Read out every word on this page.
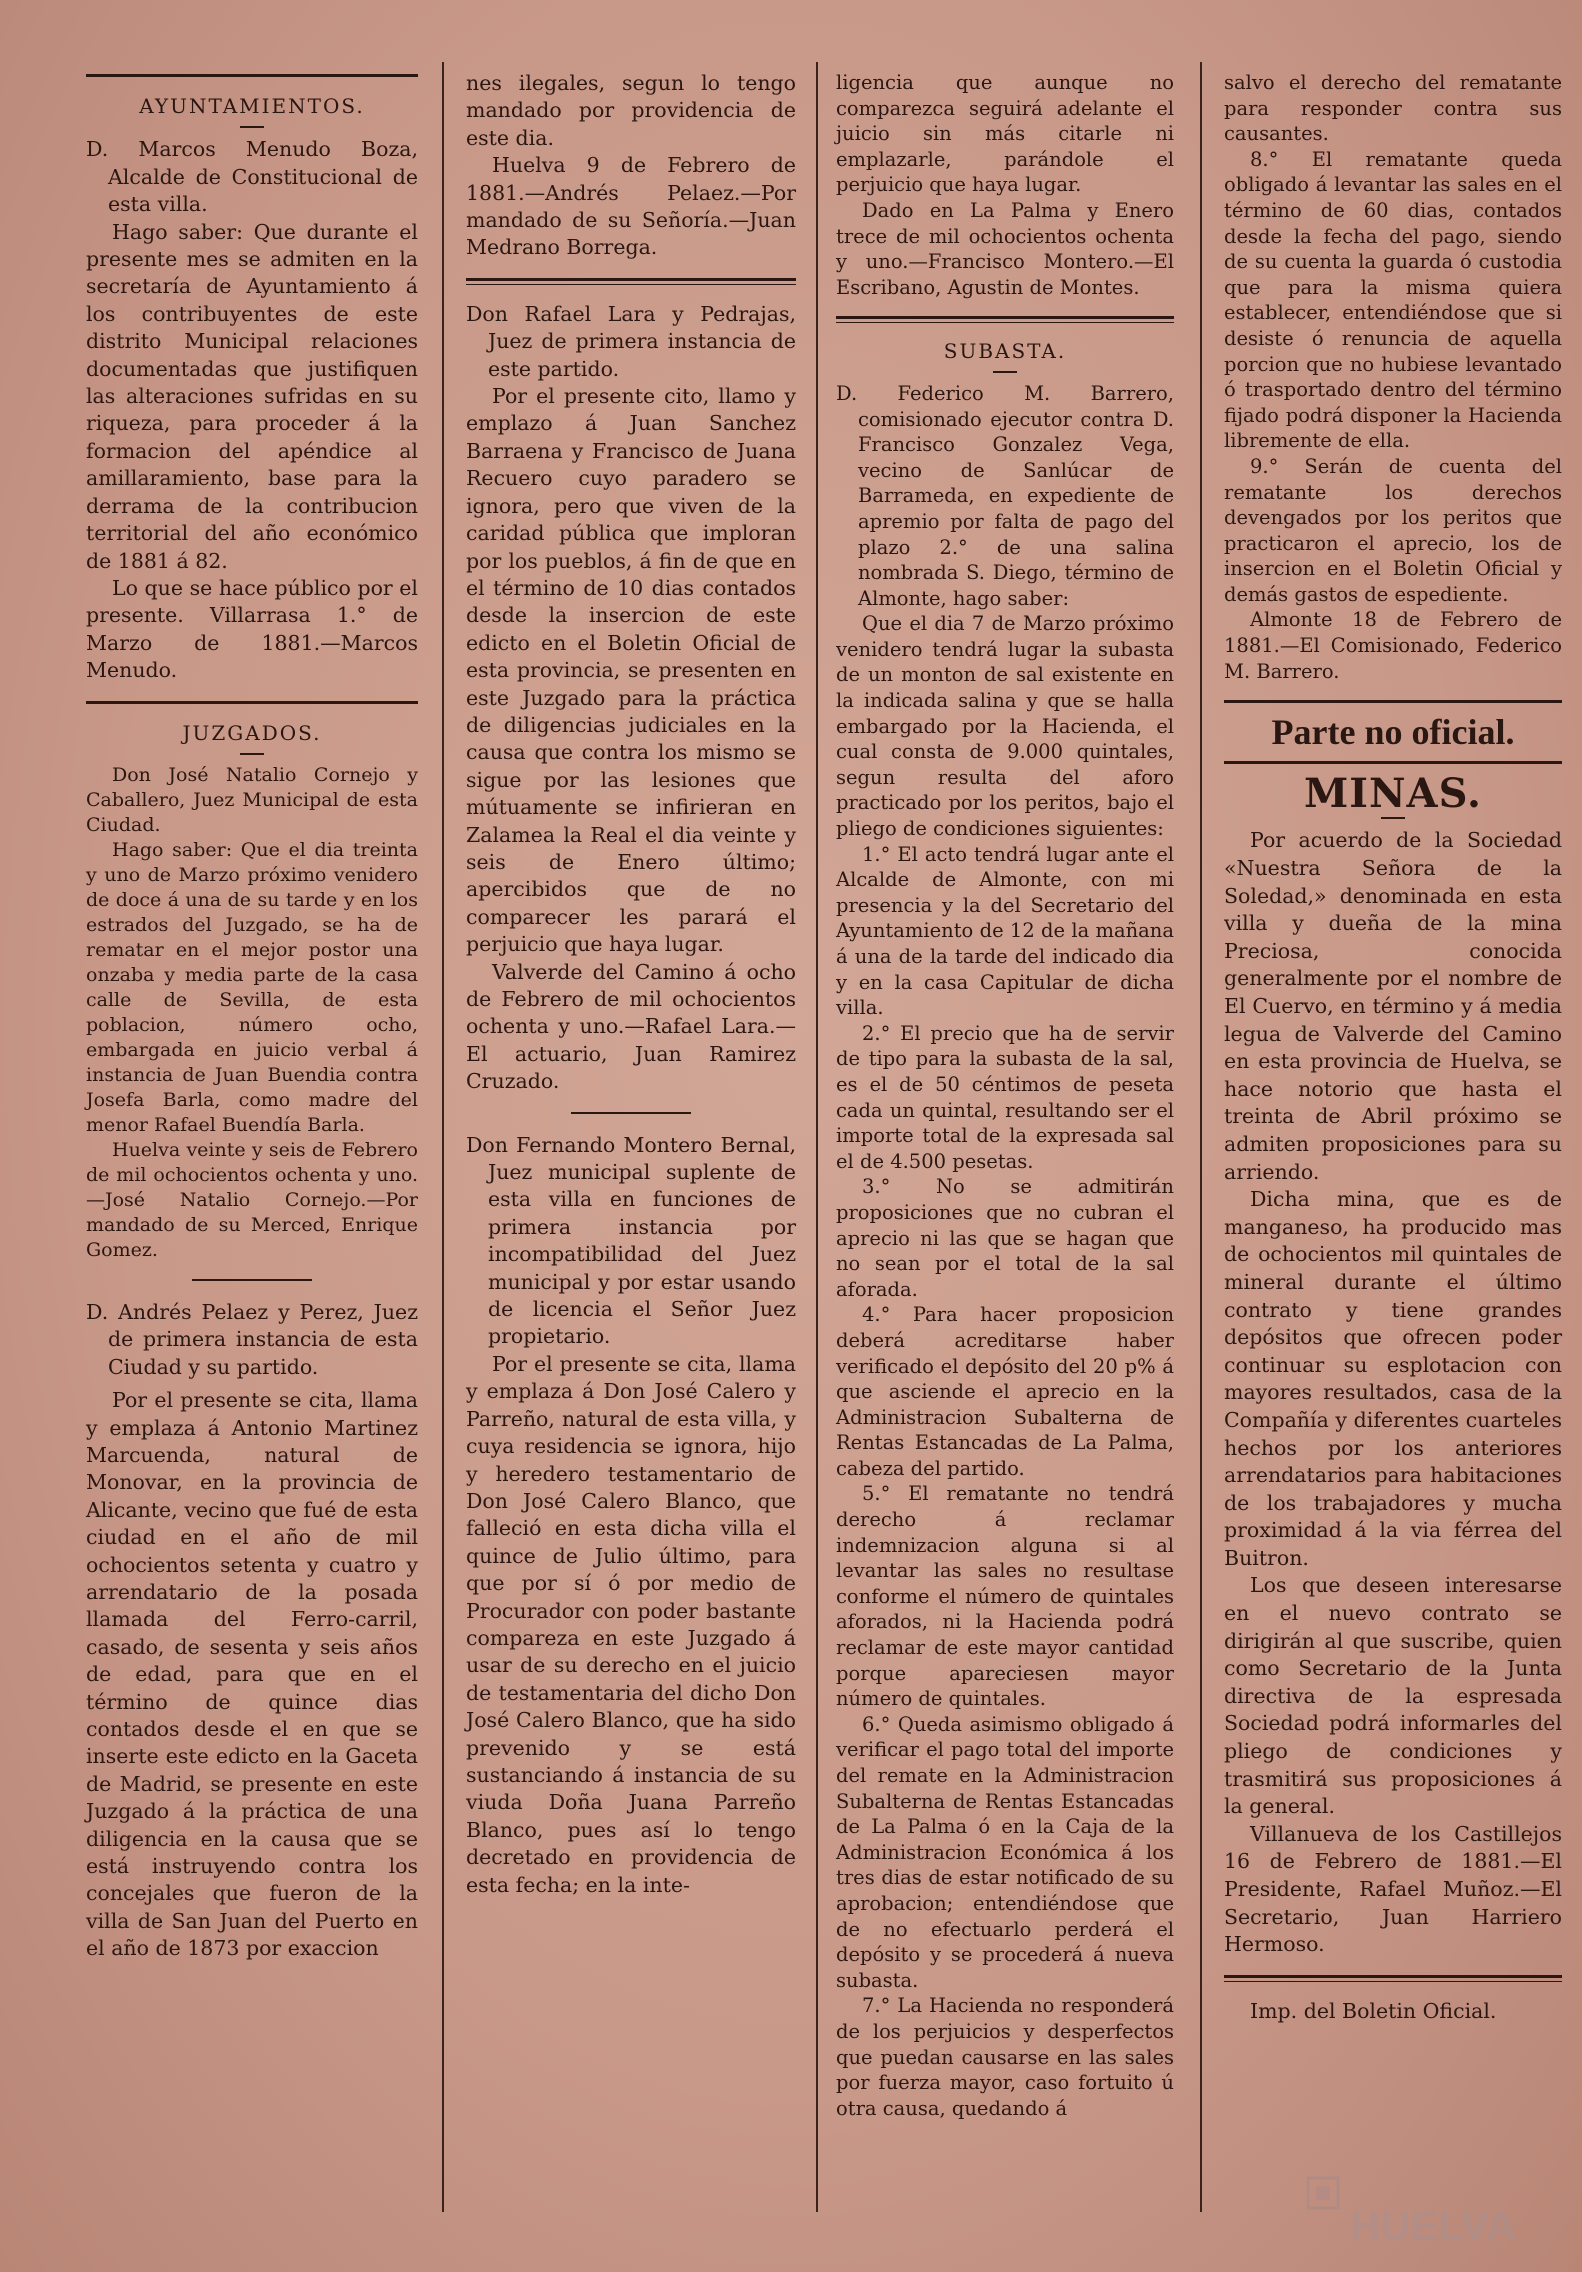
AYUNTAMIENTOS.

D. Marcos Menudo Boza, Alcalde de Constitucional de esta villa.

Hago saber: Que durante el presente mes se admiten en la secretaría de Ayuntamiento á los contribuyentes de este distrito Municipal relaciones documentadas que justifiquen las alteraciones sufridas en su riqueza, para proceder á la formacion del apéndice al amillaramiento, base para la derrama de la contribucion territorial del año económico de 1881 á 82.

Lo que se hace público por el presente. Villarrasa 1.° de Marzo de 1881.—Marcos Menudo.

JUZGADOS.

Don José Natalio Cornejo y Caballero, Juez Municipal de esta Ciudad.

Hago saber: Que el dia treinta y uno de Marzo próximo venidero de doce á una de su tarde y en los estrados del Juzgado, se ha de rematar en el mejor postor una onzaba y media parte de la casa calle de Sevilla, de esta poblacion, número ocho, embargada en juicio verbal á instancia de Juan Buendia contra Josefa Barla, como madre del menor Rafael Buendía Barla.

Huelva veinte y seis de Febrero de mil ochocientos ochenta y uno.—José Natalio Cornejo.—Por mandado de su Merced, Enrique Gomez.

D. Andrés Pelaez y Perez, Juez de primera instancia de esta Ciudad y su partido.

Por el presente se cita, llama y emplaza á Antonio Martinez Marcuenda, natural de Monovar, en la provincia de Alicante, vecino que fué de esta ciudad en el año de mil ochocientos setenta y cuatro y arrendatario de la posada llamada del Ferro-carril, casado, de sesenta y seis años de edad, para que en el término de quince dias contados desde el en que se inserte este edicto en la Gaceta de Madrid, se presente en este Juzgado á la práctica de una diligencia en la causa que se está instruyendo contra los concejales que fueron de la villa de San Juan del Puerto en el año de 1873 por exaccion

nes ilegales, segun lo tengo mandado por providencia de este dia.

Huelva 9 de Febrero de 1881.—Andrés Pelaez.—Por mandado de su Señoría.—Juan Medrano Borrega.

Don Rafael Lara y Pedrajas, Juez de primera instancia de este partido.

Por el presente cito, llamo y emplazo á Juan Sanchez Barraena y Francisco de Juana Recuero cuyo paradero se ignora, pero que viven de la caridad pública que imploran por los pueblos, á fin de que en el término de 10 dias contados desde la insercion de este edicto en el Boletin Oficial de esta provincia, se presenten en este Juzgado para la práctica de diligencias judiciales en la causa que contra los mismo se sigue por las lesiones que mútuamente se infirieran en Zalamea la Real el dia veinte y seis de Enero último; apercibidos que de no comparecer les parará el perjuicio que haya lugar.

Valverde del Camino á ocho de Febrero de mil ochocientos ochenta y uno.—Rafael Lara.—El actuario, Juan Ramirez Cruzado.

Don Fernando Montero Bernal, Juez municipal suplente de esta villa en funciones de primera instancia por incompatibilidad del Juez municipal y por estar usando de licencia el Señor Juez propietario.

Por el presente se cita, llama y emplaza á Don José Calero y Parreño, natural de esta villa, y cuya residencia se ignora, hijo y heredero testamentario de Don José Calero Blanco, que falleció en esta dicha villa el quince de Julio último, para que por sí ó por medio de Procurador con poder bastante compareza en este Juzgado á usar de su derecho en el juicio de testamentaria del dicho Don José Calero Blanco, que ha sido prevenido y se está sustanciando á instancia de su viuda Doña Juana Parreño Blanco, pues así lo tengo decretado en providencia de esta fecha; en la inte-

ligencia que aunque no comparezca seguirá adelante el juicio sin más citarle ni emplazarle, parándole el perjuicio que haya lugar.

Dado en La Palma y Enero trece de mil ochocientos ochenta y uno.—Francisco Montero.—El Escribano, Agustin de Montes.

SUBASTA.

D. Federico M. Barrero, comisionado ejecutor contra D. Francisco Gonzalez Vega, vecino de Sanlúcar de Barrameda, en expediente de apremio por falta de pago del plazo 2.° de una salina nombrada S. Diego, término de Almonte, hago saber:

Que el dia 7 de Marzo próximo venidero tendrá lugar la subasta de un monton de sal existente en la indicada salina y que se halla embargado por la Hacienda, el cual consta de 9.000 quintales, segun resulta del aforo practicado por los peritos, bajo el pliego de condiciones siguientes:

1.° El acto tendrá lugar ante el Alcalde de Almonte, con mi presencia y la del Secretario del Ayuntamiento de 12 de la mañana á una de la tarde del indicado dia y en la casa Capitular de dicha villa.

2.° El precio que ha de servir de tipo para la subasta de la sal, es el de 50 céntimos de peseta cada un quintal, resultando ser el importe total de la expresada sal el de 4.500 pesetas.

3.° No se admitirán proposiciones que no cubran el aprecio ni las que se hagan que no sean por el total de la sal aforada.

4.° Para hacer proposicion deberá acreditarse haber verificado el depósito del 20 p% á que asciende el aprecio en la Administracion Subalterna de Rentas Estancadas de La Palma, cabeza del partido.

5.° El rematante no tendrá derecho á reclamar indemnizacion alguna si al levantar las sales no resultase conforme el número de quintales aforados, ni la Hacienda podrá reclamar de este mayor cantidad porque apareciesen mayor número de quintales.

6.° Queda asimismo obligado á verificar el pago total del importe del remate en la Administracion Subalterna de Rentas Estancadas de La Palma ó en la Caja de la Administracion Económica á los tres dias de estar notificado de su aprobacion; entendiéndose que de no efectuarlo perderá el depósito y se procederá á nueva subasta.

7.° La Hacienda no responderá de los perjuicios y desperfectos que puedan causarse en las sales por fuerza mayor, caso fortuito ú otra causa, quedando á

salvo el derecho del rematante para responder contra sus causantes.

8.° El rematante queda obligado á levantar las sales en el término de 60 dias, contados desde la fecha del pago, siendo de su cuenta la guarda ó custodia que para la misma quiera establecer, entendiéndose que si desiste ó renuncia de aquella porcion que no hubiese levantado ó trasportado dentro del término fijado podrá disponer la Hacienda libremente de ella.

9.° Serán de cuenta del rematante los derechos devengados por los peritos que practicaron el aprecio, los de insercion en el Boletin Oficial y demás gastos de espediente.

Almonte 18 de Febrero de 1881.—El Comisionado, Federico M. Barrero.

Parte no oficial.
MINAS.

Por acuerdo de la Sociedad «Nuestra Señora de la Soledad,» denominada en esta villa y dueña de la mina Preciosa, conocida generalmente por el nombre de El Cuervo, en término y á media legua de Valverde del Camino en esta provincia de Huelva, se hace notorio que hasta el treinta de Abril próximo se admiten proposiciones para su arriendo.

Dicha mina, que es de manganeso, ha producido mas de ochocientos mil quintales de mineral durante el último contrato y tiene grandes depósitos que ofrecen poder continuar su esplotacion con mayores resultados, casa de la Compañía y diferentes cuarteles hechos por los anteriores arrendatarios para habitaciones de los trabajadores y mucha proximidad á la via férrea del Buitron.

Los que deseen interesarse en el nuevo contrato se dirigirán al que suscribe, quien como Secretario de la Junta directiva de la espresada Sociedad podrá informarles del pliego de condiciones y trasmitirá sus proposiciones á la general.

Villanueva de los Castillejos 16 de Febrero de 1881.—El Presidente, Rafael Muñoz.—El Secretario, Juan Harriero Hermoso.

Imp. del Boletin Oficial.

HUELVA
